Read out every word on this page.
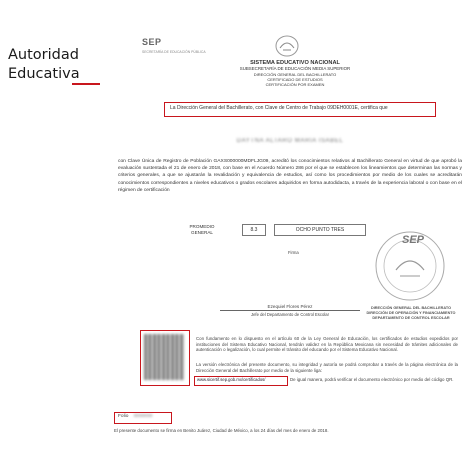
Autoridad
Educativa
SEP
SECRETARÍA DE EDUCACIÓN PÚBLICA
SISTEMA EDUCATIVO NACIONAL
SUBSECRETARÍA DE EDUCACIÓN MEDIA SUPERIOR
DIRECCIÓN GENERAL DEL BACHILLERATO
CERTIFICADO DE ESTUDIOS
CERTIFICACIÓN POR EXAMEN
La Dirección General del Bachillerato, con Clave de Centro de Trabajo 09DEH0001E, certifica que
DAYTNA ALTARO MARIA ISABEL
con Clave Única de Registro de Población GAXS000000MDFLJG09, acreditó los conocimientos relativos al Bachillerato General en virtud de que aprobó la evaluación sustentada el 21 de enero de 2018, con base en el Acuerdo Número 286 por el que se establecen los lineamientos que determinan las normas y criterios generales, a que se ajustarán la revalidación y equivalencia de estudios, así como los procedimientos por medio de los cuales se acreditarán conocimientos correspondientes a niveles educativos o grados escolares adquiridos en forma autodidacta, a través de la experiencia laboral o con base en el régimen de certificación
PROMEDIO GENERAL	8.3	OCHO PUNTO TRES
Firma
Ezequiel Flores Pérez
Jefe del Departamento de Control Escolar
SEP
DIRECCIÓN GENERAL DEL BACHILLERATO
DIRECCIÓN DE OPERACIÓN Y FINANCIAMIENTO
DEPARTAMENTO DE CONTROL ESCOLAR
Con fundamento en lo dispuesto en el artículo 60 de la Ley General de Educación, los certificados de estudios expedidos por instituciones del Sistema Educativo Nacional, tendrán validez en la República Mexicana sin necesidad de trámites adicionales de autenticación o legalización, lo cual permite el tránsito del educando por el Sistema Educativo Nacional.
La versión electrónica del presente documento, su integridad y autoría se podrá comprobar a través de la página electrónica de la Dirección General del Bachillerato por medio de la siguiente liga:
www.sicertif.sep.gob.mx/certificados/	De igual manera, podrá verificar el documento electrónico por medio del código QR.
Folio 0000000
El presente documento se firma en Benito Juárez, Ciudad de México, a los 24 días del mes de enero de 2018.
